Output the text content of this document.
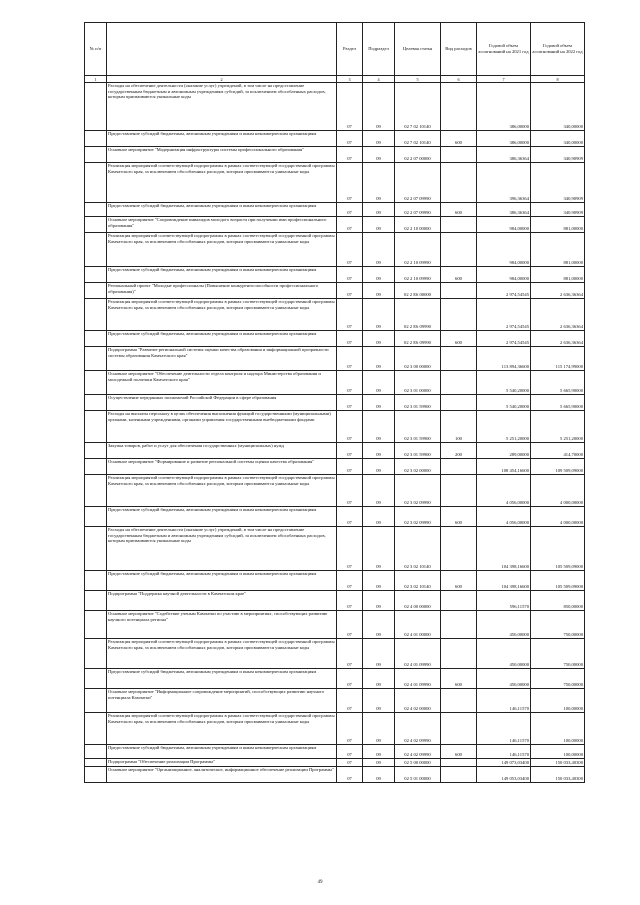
№ п/п		Раздел	Подраздел	Целевая статья	Вид расходов	Годовой объем ассигнований на 2021 год	Годовой объем ассигнований на 2022 год
1	2	3	4	5	6	7	8
	Расходы на обеспечение деятельности (оказание услуг) учреждений, в том числе на предоставление государственным бюджетным и автономным учреждениям субсидий, за исключением обособленных расходов, которым присваиваются уникальные коды	07	09	02 7 02 10140		386,00000	340,00000
	Предоставление субсидий бюджетным, автономным учреждениям и иным некоммерческим организациям	07	09	02 7 02 10140	600	386,00000	340,00000
	Основное мероприятие "Модернизация инфраструктуры системы профессионального образования"	07	09	02 2 07 00000		386,36364	340,90909
	Реализация мероприятий соответствующей подпрограммы в рамках соответствующей государственной программы Камчатского края, за исключением обособленных расходов, которым присваиваются уникальные коды	07	09	02 2 07 09990		396,36364	340,90909
	Предоставление субсидий бюджетным, автономным учреждениям и иным некоммерческим организациям	07	09	02 2 07 09990	600	386,36364	340,90909
	Основное мероприятие "Сопровождение инвалидов молодого возраста при получении ими профессионального образования"	07	09	02 2 10 00000		984,00000	881,00000
	Реализация мероприятий соответствующей подпрограммы в рамках соответствующей государственной программы Камчатского края, за исключением обособленных расходов, которым присваиваются уникальные коды	07	09	02 2 10 09990		984,00000	881,00000
	Предоставление субсидий бюджетным, автономным учреждениям и иным некоммерческим организациям	07	09	02 2 10 09990	600	984,00000	881,00000
	Региональный проект "Молодые профессионалы (Повышение конкурентоспособности профессионального образования)"	07	09	02 2 E6 00000		2 974,54545	2 636,36364
	Реализация мероприятий соответствующей подпрограммы в рамках соответствующей государственной программы Камчатского края, за исключением обособленных расходов, которым присваиваются уникальные коды	07	09	02 2 E6 09990		2 974,54545	2 636,36364
	Предоставление субсидий бюджетным, автономным учреждениям и иным некоммерческим организациям	07	09	02 2 E6 09990	600	2 974,54545	2 636,36364
	Подпрограмма "Развитие региональной системы оценки качества образования и информационной прозрачности системы образования Камчатского края"	07	09	02 3 00 00000		113 894,36600	115 174,99000
	Основное мероприятие "Обеспечение деятельности отдела контроля и надзора Министерства образования и молодежной политики Камчатского края"	07	09	02 3 01 00000		5 540,20000	5 665,90000
	Осуществление переданных полномочий Российской Федерации в сфере образования	07	09	02 3 01 59900		5 540,20000	5 665,90000
	Расходы на выплаты персоналу в целях обеспечения выполнения функций государственными (муниципальными) органами, казенными учреждениями, органами управления государственными внебюджетными фондами	07	09	02 3 01 59900	100	5 251,20000	5 251,20000
	Закупка товаров, работ и услуг для обеспечения государственных (муниципальных) нужд	07	09	02 3 01 59900	200	289,00000	414,70000
	Основное мероприятие "Формирование и развитие региональной системы оценки качества образования"	07	09	02 3 02 00000		108 454,16600	109 509,09000
	Реализация мероприятий соответствующей подпрограммы в рамках соответствующей государственной программы Камчатского края, за исключением обособленных расходов, которым присваиваются уникальные коды	07	09	02 3 02 09990		4 056,00000	4 000,00000
	Предоставление субсидий бюджетным, автономным учреждениям и иным некоммерческим организациям	07	09	02 3 02 09990	600	4 056,00000	4 000,00000
	Расходы на обеспечение деятельности (оказание услуг) учреждений, в том числе на предоставление государственным бюджетным и автономным учреждениям субсидий, за исключением обособленных расходов, которым присваиваются уникальные коды	07	09	02 3 02 10140		104 398,16600	105 509,09000
	Предоставление субсидий бюджетным, автономным учреждениям и иным некоммерческим организациям	07	09	02 3 02 10140	600	104 398,16600	105 509,09000
	Подпрограмма "Поддержка научной деятельности в Камчатском крае"	07	09	02 4 00 00000		596,11570	850,00000
	Основное мероприятие "Содействие ученым Камчатки по участию в мероприятиях, способствующих развитию научного потенциала региона"	07	09	02 4 01 00000		450,00000	750,00000
	Реализация мероприятий соответствующей подпрограммы в рамках соответствующей государственной программы Камчатского края, за исключением обособленных расходов, которым присваиваются уникальные коды	07	09	02 4 01 09990		450,00000	750,00000
	Предоставление субсидий бюджетным, автономным учреждениям и иным некоммерческим организациям	07	09	02 4 01 09990	600	450,00000	750,00000
	Основное мероприятие "Информационное сопровождение мероприятий, способствующих развитию научного потенциала Камчатки"	07	09	02 4 02 00000		146,11570	100,00000
	Реализация мероприятий соответствующей подпрограммы в рамках соответствующей государственной программы Камчатского края, за исключением обособленных расходов, которым присваиваются уникальные коды	07	09	02 4 02 09990		146,11570	100,00000
	Предоставление субсидий бюджетным, автономным учреждениям и иным некоммерческим организациям	07	09	02 4 02 09990	600	146,11570	100,00000
	Подпрограмма "Обеспечение реализации Программы"	07	09	02 5 00 00000		149 073,03400	150 033,40300
	Основное мероприятие "Организационное, аналитическое, информационное обеспечение реализации Программы"	07	09	02 5 01 00000		149 053,03400	150 033,40300
49
